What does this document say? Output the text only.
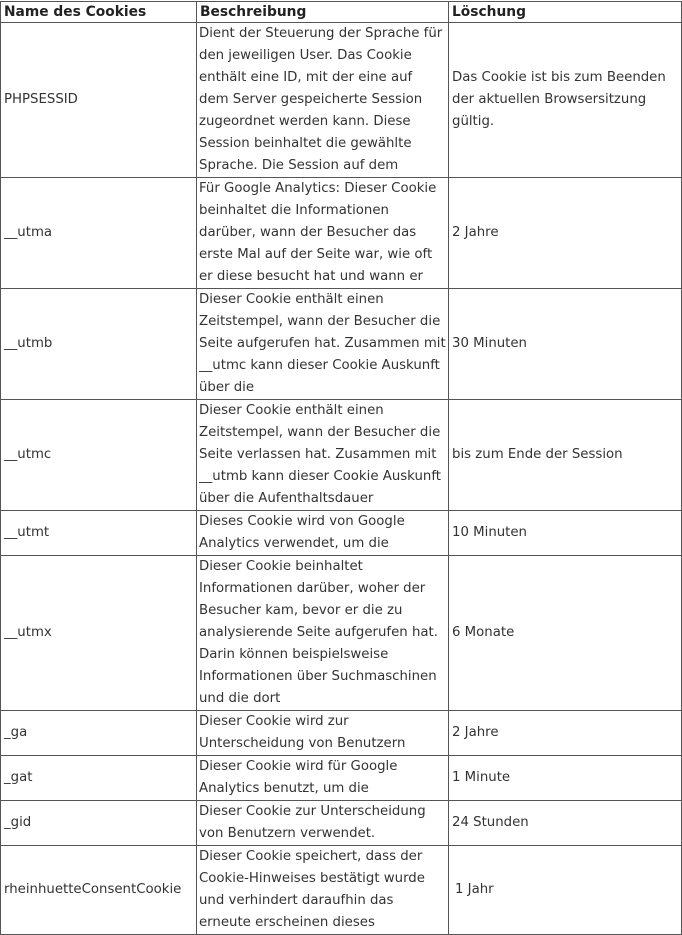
Name des Cookies	Beschreibung	Löschung
PHPSESSID	Dient der Steuerung der Sprache für den jeweiligen User. Das Cookie enthält eine ID, mit der eine auf dem Server gespeicherte Session zugeordnet werden kann. Diese Session beinhaltet die gewählte Sprache. Die Session auf dem	Das Cookie ist bis zum Beenden der aktuellen Browsersitzung gültig.
__utma	Für Google Analytics: Dieser Cookie beinhaltet die Informationen darüber, wann der Besucher das erste Mal auf der Seite war, wie oft er diese besucht hat und wann er	2 Jahre
__utmb	Dieser Cookie enthält einen Zeitstempel, wann der Besucher die Seite aufgerufen hat. Zusammen mit __utmc kann dieser Cookie Auskunft über die	30 Minuten
__utmc	Dieser Cookie enthält einen Zeitstempel, wann der Besucher die Seite verlassen hat. Zusammen mit __utmb kann dieser Cookie Auskunft über die Aufenthaltsdauer	bis zum Ende der Session
__utmt	Dieses Cookie wird von Google Analytics verwendet, um die	10 Minuten
__utmx	Dieser Cookie beinhaltet Informationen darüber, woher der Besucher kam, bevor er die zu analysierende Seite aufgerufen hat. Darin können beispielsweise Informationen über Suchmaschinen und die dort	6 Monate
_ga	Dieser Cookie wird zur Unterscheidung von Benutzern	2 Jahre
_gat	Dieser Cookie wird für Google Analytics benutzt, um die	1 Minute
_gid	Dieser Cookie zur Unterscheidung von Benutzern verwendet.	24 Stunden
rheinhuetteConsentCookie	Dieser Cookie speichert, dass der Cookie-Hinweises bestätigt wurde und verhindert daraufhin das erneute erscheinen dieses	1 Jahr
